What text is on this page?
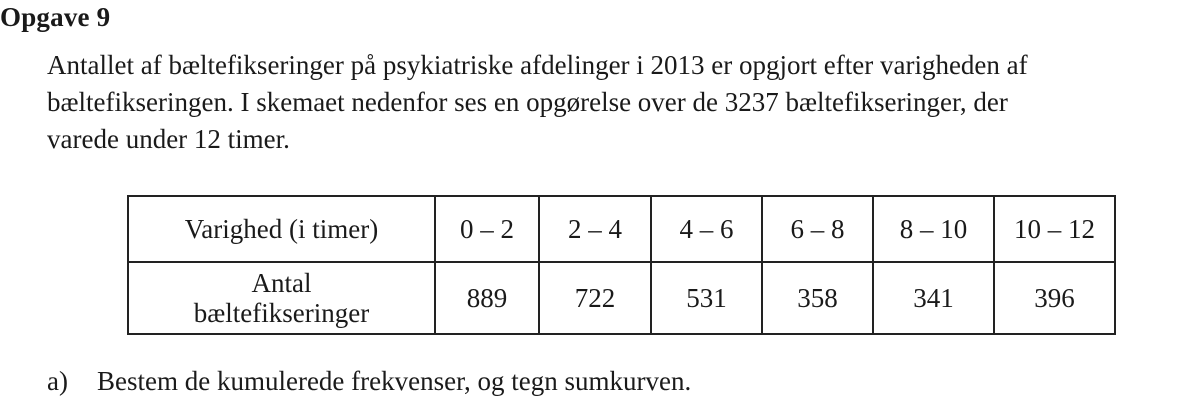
Opgave 9
Antallet af bæltefikseringer på psykiatriske afdelinger i 2013 er opgjort efter varigheden af
bæltefikseringen. I skemaet nedenfor ses en opgørelse over de 3237 bæltefikseringer, der
varede under 12 timer.
Varighed (i timer)	0 – 2	2 – 4	4 – 6	6 – 8	8 – 10	10 – 12

Antal
bæltefikseringer	889	722	531	358	341	396
a) Bestem de kumulerede frekvenser, og tegn sumkurven.
